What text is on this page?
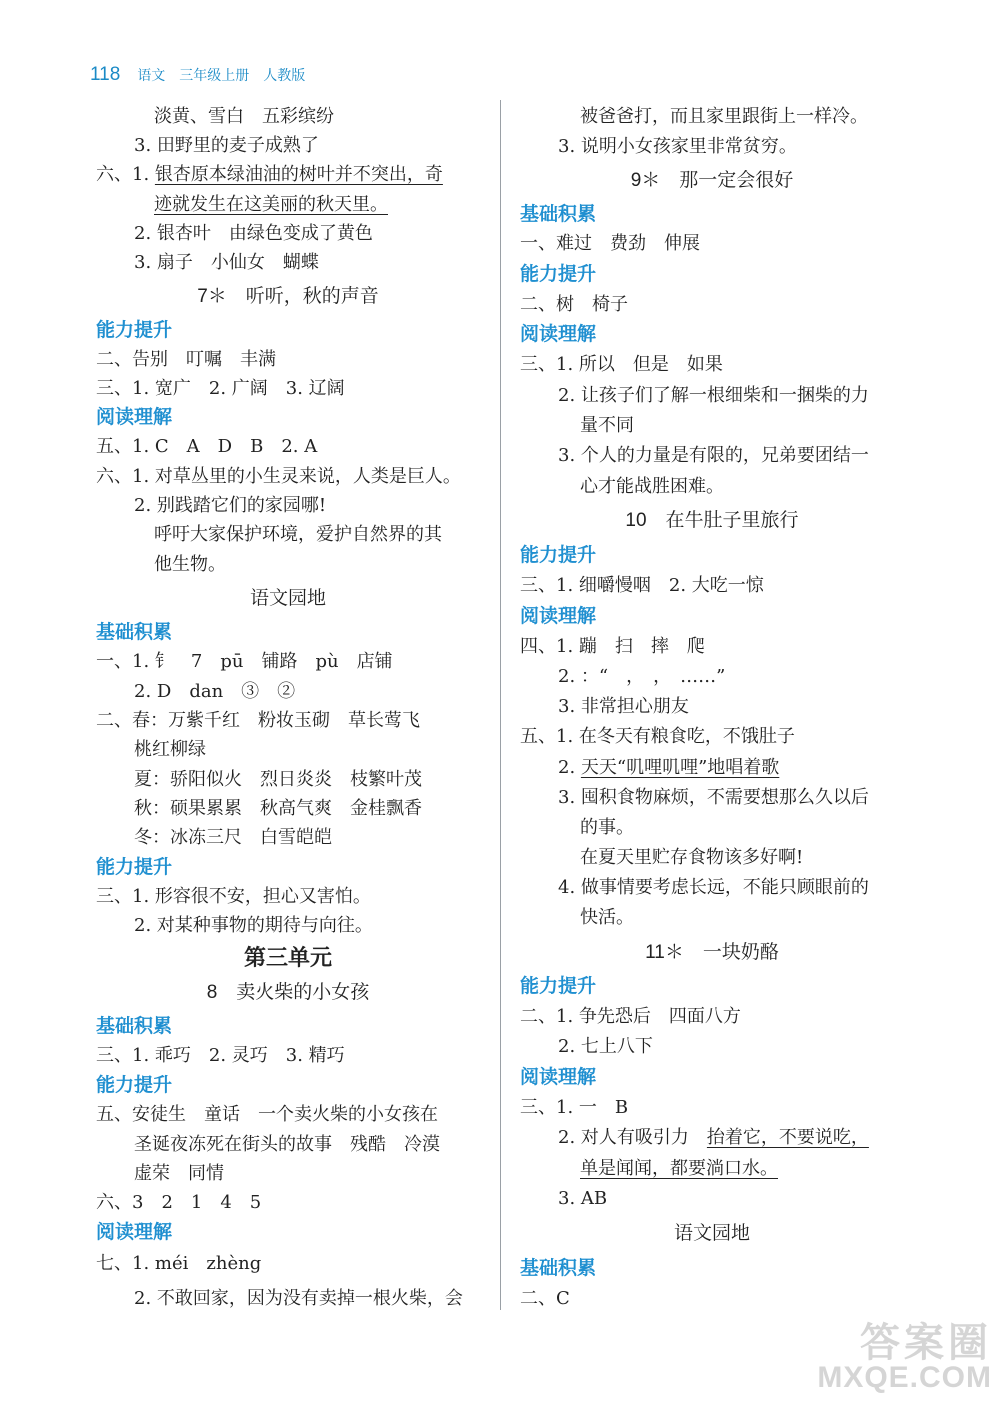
118 语文　三年级上册　人教版
淡黄、雪白　五彩缤纷
3. 田野里的麦子成熟了
六、1. 银杏原本绿油油的树叶并不突出，奇
迹就发生在这美丽的秋天里。
2. 银杏叶　由绿色变成了黄色
3. 扇子　小仙女　蝴蝶
7＊　听听，秋的声音
能力提升
二、告别　叮嘱　丰满
三、1. 宽广　2. 广阔　3. 辽阔
阅读理解
五、1. C　A　D　B　2. A
六、1. 对草丛里的小生灵来说，人类是巨人。
2. 别践踏它们的家园哪!
呼吁大家保护环境，爱护自然界的其
他生物。
语文园地
基础积累
一、1. 钅　7　pū　铺路　pù　店铺
2. D　dan　③　②
二、春：万紫千红　粉妆玉砌　草长莺飞
桃红柳绿
夏：骄阳似火　烈日炎炎　枝繁叶茂
秋：硕果累累　秋高气爽　金桂飘香
冬：冰冻三尺　白雪皑皑
能力提升
三、1. 形容很不安，担心又害怕。
2. 对某种事物的期待与向往。
第三单元
8　卖火柴的小女孩
基础积累
三、1. 乖巧　2. 灵巧　3. 精巧
能力提升
五、安徒生　童话　一个卖火柴的小女孩在
圣诞夜冻死在街头的故事　残酷　冷漠
虚荣　同情
六、3　2　1　4　5
阅读理解
七、1. méi　zhèng
2. 不敢回家，因为没有卖掉一根火柴，会
被爸爸打，而且家里跟街上一样冷。
3. 说明小女孩家里非常贫穷。
9＊　那一定会很好
基础积累
一、难过　费劲　伸展
能力提升
二、树　椅子
阅读理解
三、1. 所以　但是　如果
2. 让孩子们了解一根细柴和一捆柴的力
量不同
3. 个人的力量是有限的，兄弟要团结一
心才能战胜困难。
10　在牛肚子里旅行
能力提升
三、1. 细嚼慢咽　2. 大吃一惊
阅读理解
四、1. 蹦　扫　摔　爬
2. ：“　，　，　……”
3. 非常担心朋友
五、1. 在冬天有粮食吃，不饿肚子
2. 天天“叽哩叽哩”地唱着歌
3. 囤积食物麻烦，不需要想那么久以后
的事。
在夏天里贮存食物该多好啊!
4. 做事情要考虑长远，不能只顾眼前的
快活。
11＊　一块奶酪
能力提升
二、1. 争先恐后　四面八方
2. 七上八下
阅读理解
三、1. 一　B
2. 对人有吸引力　抬着它，不要说吃，
单是闻闻，都要淌口水。
3. AB
语文园地
基础积累
二、C
答案圈
MXQE.COM
